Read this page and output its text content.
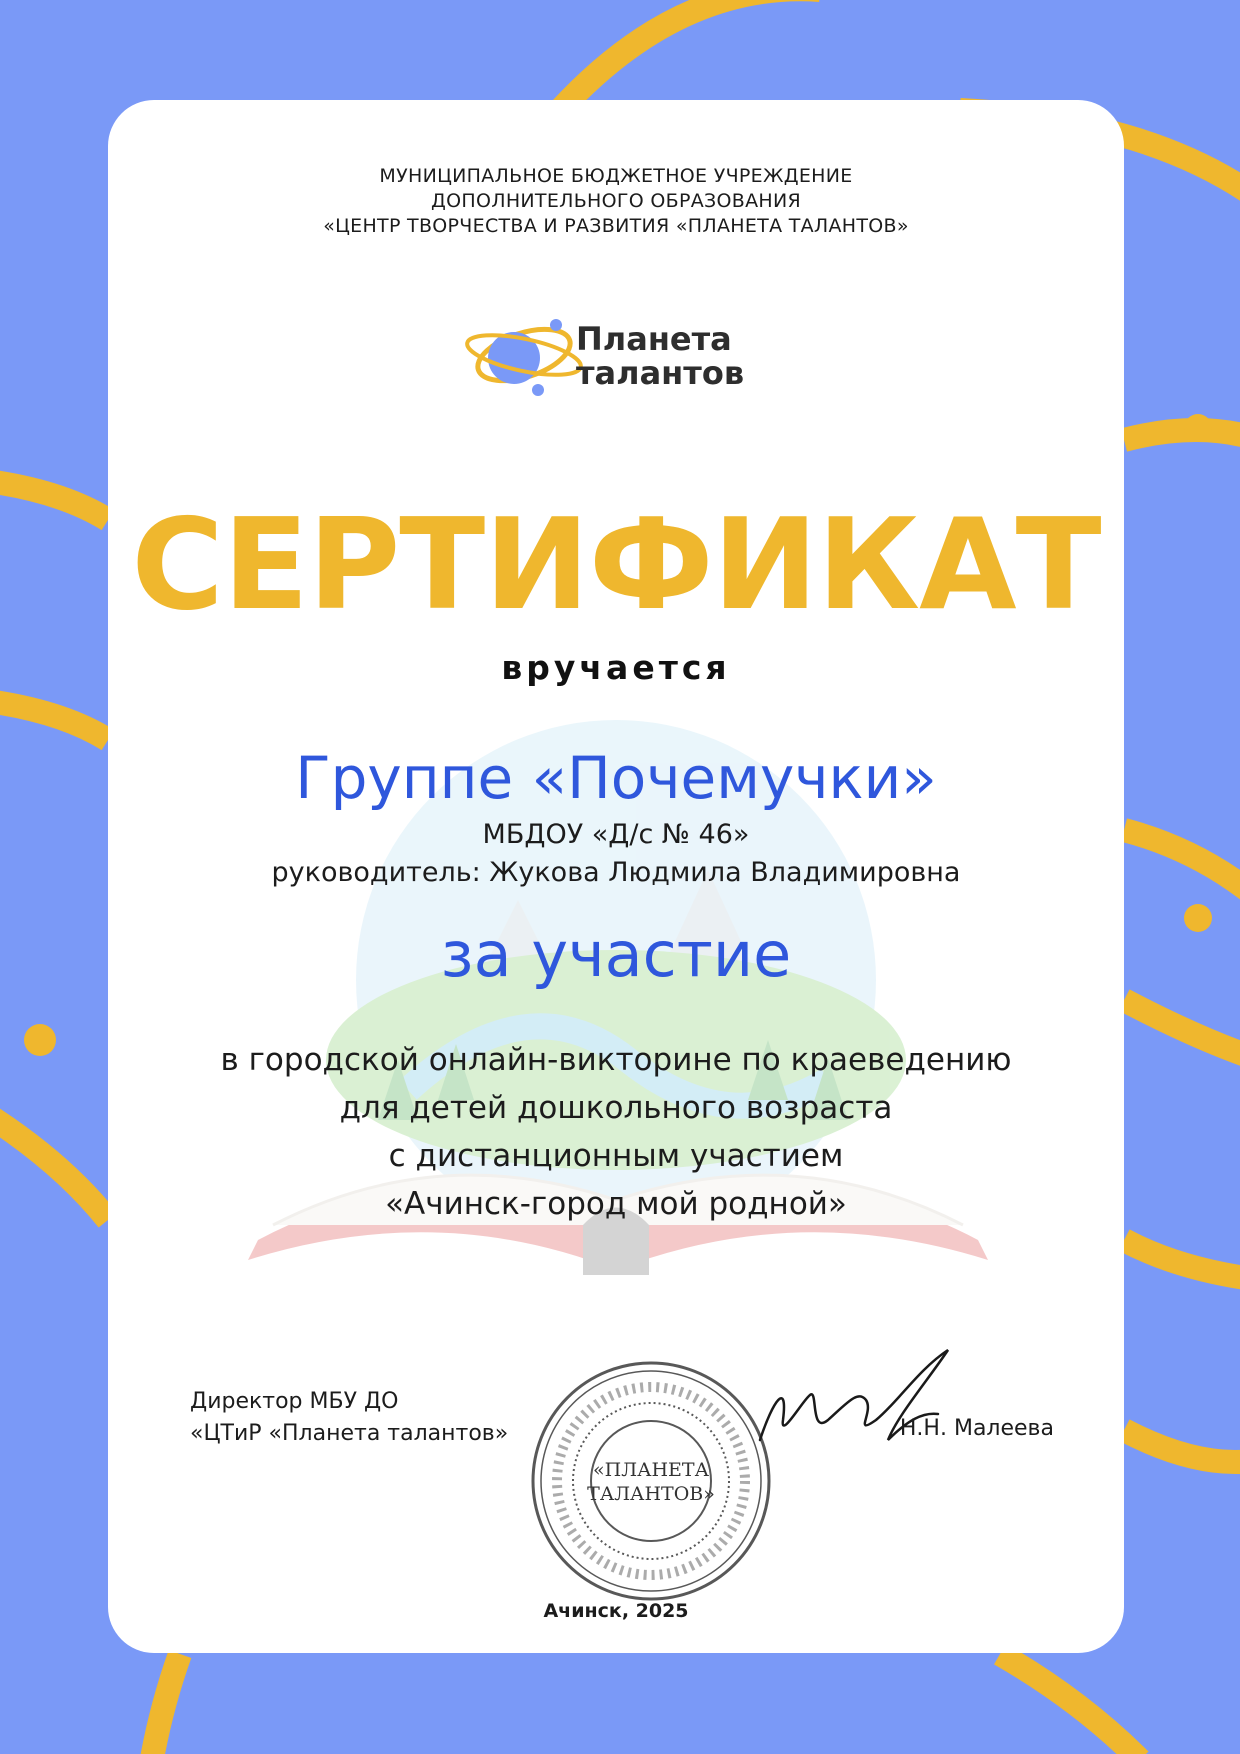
МУНИЦИПАЛЬНОЕ БЮДЖЕТНОЕ УЧРЕЖДЕНИЕ
ДОПОЛНИТЕЛЬНОГО ОБРАЗОВАНИЯ
«ЦЕНТР ТВОРЧЕСТВА И РАЗВИТИЯ «ПЛАНЕТА ТАЛАНТОВ»
Планета
талантов
СЕРТИФИКАТ
вручается
Группе «Почемучки»
МБДОУ «Д/с № 46»
руководитель: Жукова Людмила Владимировна
за участие
в городской онлайн-викторине по краеведению
для детей дошкольного возраста
с дистанционным участием
«Ачинск-город мой родной»
Директор МБУ ДО
«ЦТиР «Планета талантов»
«ПЛАНЕТА
ТАЛАНТОВ»
Н.Н. Малеева
Ачинск, 2025
